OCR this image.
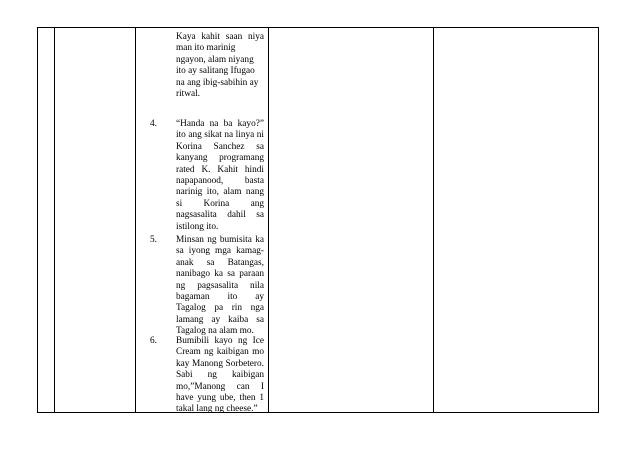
Kaya kahit saan niya
man ito marinig
ngayon, alam niyang
ito ay salitang Ifugao
na ang ibig-sabihin ay
ritwal.
4. “Handa na ba kayo?”
ito ang sikat na linya ni
Korina Sanchez sa
kanyang programang
rated K. Kahit hindi
napapanood, basta
narinig ito, alam nang
si Korina ang
nagsasalita dahil sa
istilong ito.
5. Minsan ng bumisita ka
sa iyong mga kamag-
anak sa Batangas,
nanibago ka sa paraan
ng pagsasalita nila
bagaman ito ay
Tagalog pa rin nga
lamang ay kaiba sa
Tagalog na alam mo.
6. Bumibili kayo ng Ice
Cream ng kaibigan mo
kay Manong Sorbetero.
Sabi ng kaibigan
mo,”Manong can I
have yung ube, then 1
takal lang ng cheese.”
